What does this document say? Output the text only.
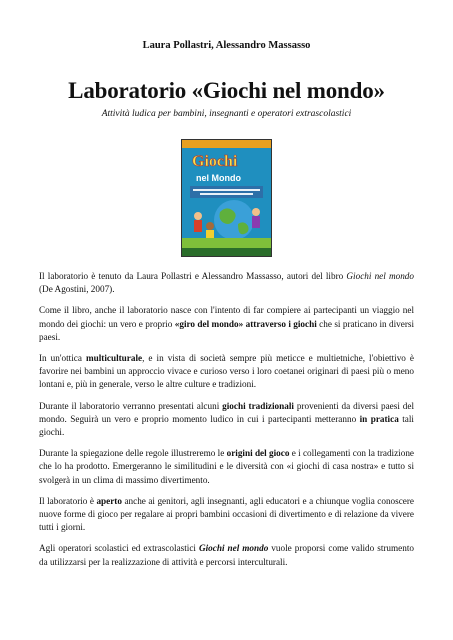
Laura Pollastri, Alessandro Massasso
Laboratorio «Giochi nel mondo»
Attività ludica per bambini, insegnanti e operatori extrascolastici
Giochi
nel Mondo

Il laboratorio è tenuto da Laura Pollastri e Alessandro Massasso, autori del libro Giochi nel mondo (De Agostini, 2007).

Come il libro, anche il laboratorio nasce con l'intento di far compiere ai partecipanti un viaggio nel mondo dei giochi: un vero e proprio «giro del mondo» attraverso i giochi che si praticano in diversi paesi.

In un'ottica multiculturale, e in vista di società sempre più meticce e multietniche, l'obiettivo è favorire nei bambini un approccio vivace e curioso verso i loro coetanei originari di paesi più o meno lontani e, più in generale, verso le altre culture e tradizioni.

Durante il laboratorio verranno presentati alcuni giochi tradizionali provenienti da diversi paesi del mondo. Seguirà un vero e proprio momento ludico in cui i partecipanti metteranno in pratica tali giochi.

Durante la spiegazione delle regole illustreremo le origini del gioco e i collegamenti con la tradizione che lo ha prodotto. Emergeranno le similitudini e le diversità con «i giochi di casa nostra» e tutto si svolgerà in un clima di massimo divertimento.

Il laboratorio è aperto anche ai genitori, agli insegnanti, agli educatori e a chiunque voglia conoscere nuove forme di gioco per regalare ai propri bambini occasioni di divertimento e di relazione da vivere tutti i giorni.

Agli operatori scolastici ed extrascolastici Giochi nel mondo vuole proporsi come valido strumento da utilizzarsi per la realizzazione di attività e percorsi interculturali.
